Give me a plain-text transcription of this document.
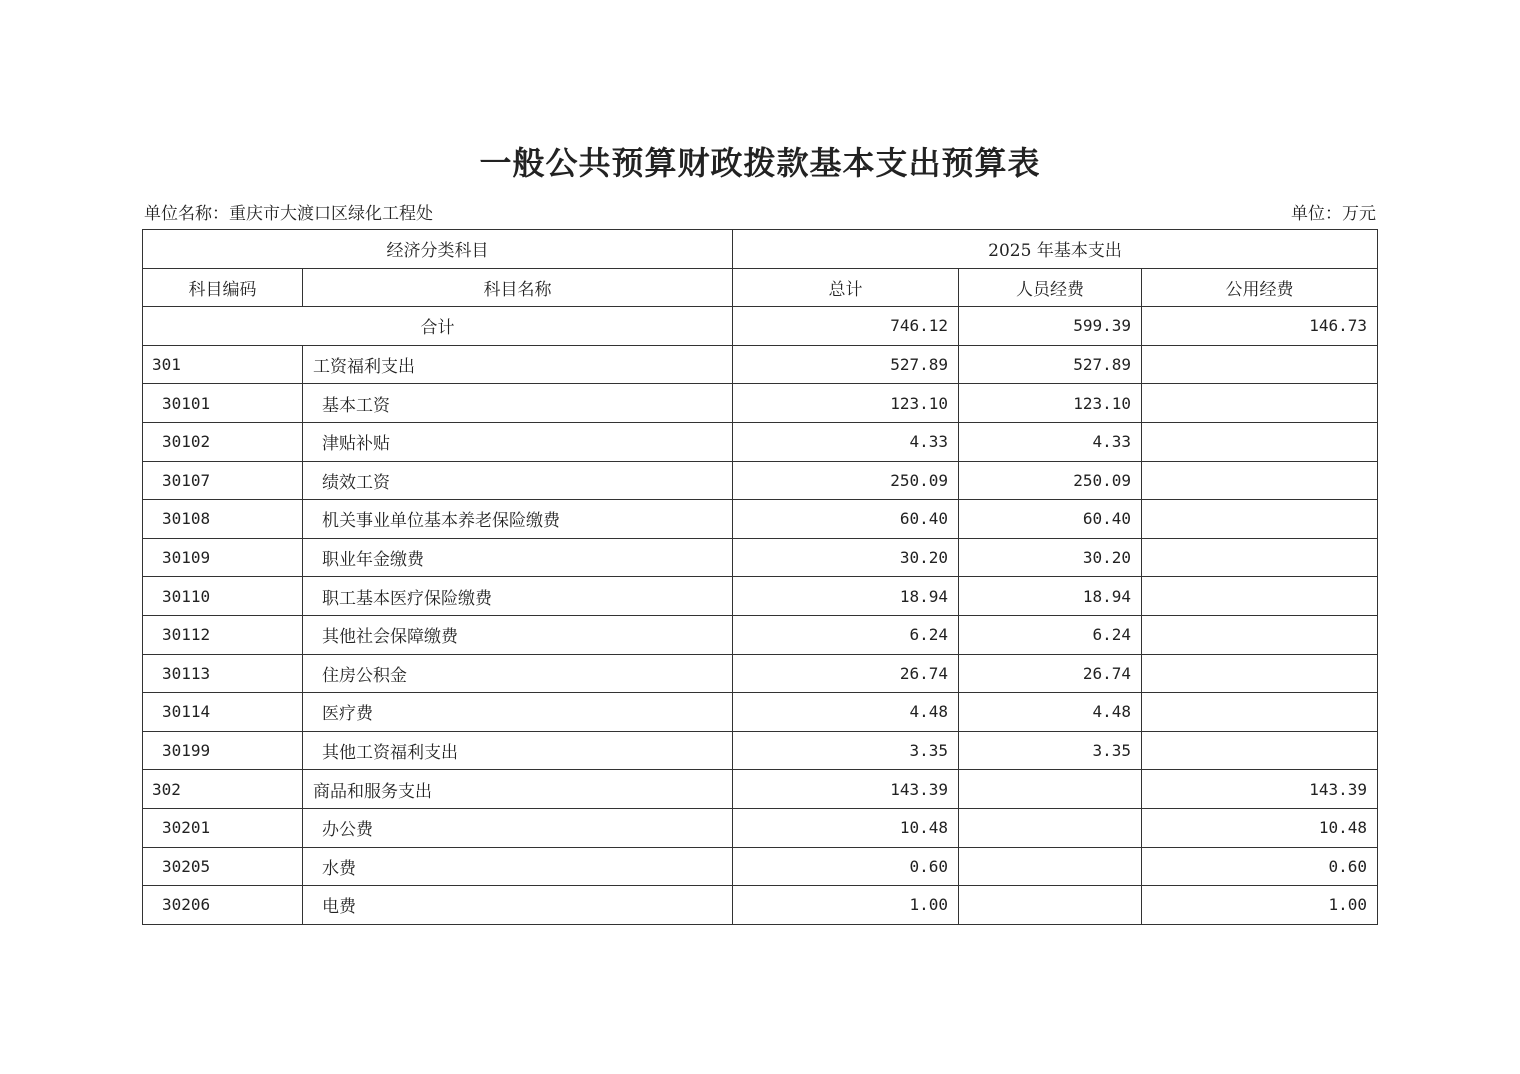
一般公共预算财政拨款基本支出预算表
单位名称：重庆市大渡口区绿化工程处	单位：万元
经济分类科目		2025 年基本支出		
科目编码	科目名称	总计	人员经费	公用经费
合计		746.12	599.39	146.73
301	工资福利支出	527.89	527.89	
30101	基本工资	123.10	123.10	
30102	津贴补贴	4.33	4.33	
30107	绩效工资	250.09	250.09	
30108	机关事业单位基本养老保险缴费	60.40	60.40	
30109	职业年金缴费	30.20	30.20	
30110	职工基本医疗保险缴费	18.94	18.94	
30112	其他社会保障缴费	6.24	6.24	
30113	住房公积金	26.74	26.74	
30114	医疗费	4.48	4.48	
30199	其他工资福利支出	3.35	3.35	
302	商品和服务支出	143.39		143.39
30201	办公费	10.48		10.48
30205	水费	0.60		0.60
30206	电费	1.00		1.00
